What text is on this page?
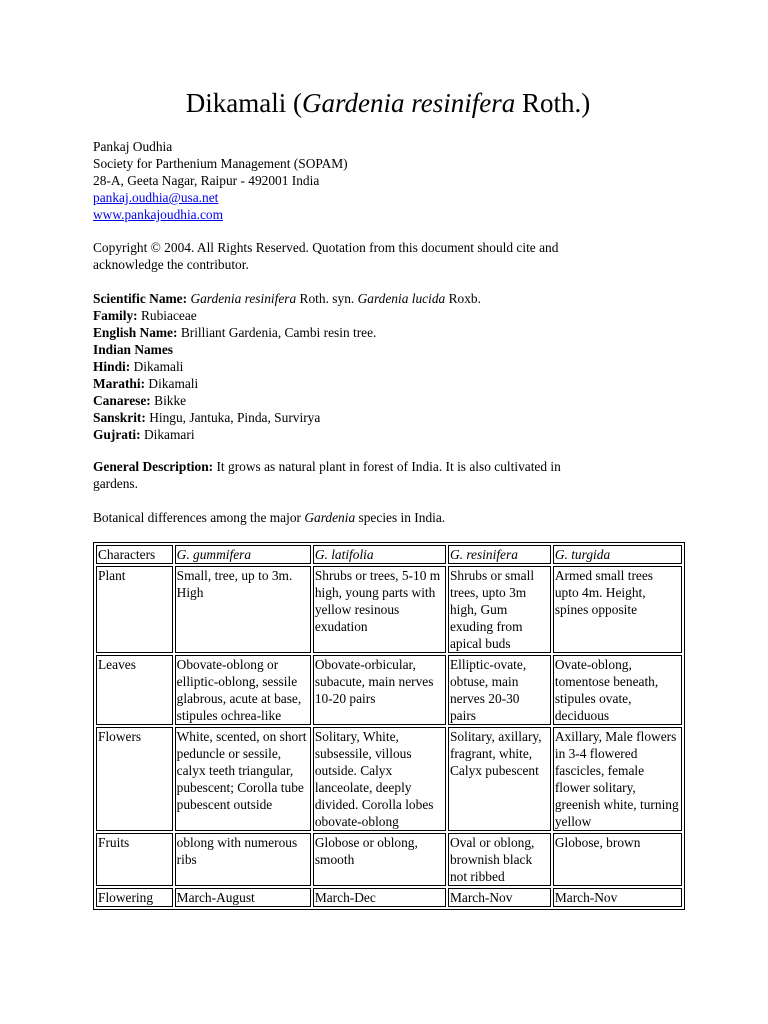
Dikamali (Gardenia resinifera Roth.)
Pankaj Oudhia
Society for Parthenium Management (SOPAM)
28-A, Geeta Nagar, Raipur - 492001 India
pankaj.oudhia@usa.net
www.pankajoudhia.com
Copyright © 2004. All Rights Reserved. Quotation from this document should cite and
acknowledge the contributor.
Scientific Name: Gardenia resinifera Roth. syn. Gardenia lucida Roxb.
Family: Rubiaceae
English Name: Brilliant Gardenia, Cambi resin tree.
Indian Names
Hindi: Dikamali
Marathi: Dikamali
Canarese: Bikke
Sanskrit: Hingu, Jantuka, Pinda, Survirya
Gujrati: Dikamari
General Description: It grows as natural plant in forest of India. It is also cultivated in
gardens.
Botanical differences among the major Gardenia species in India.
Characters	G. gummifera	G. latifolia	G. resinifera	G. turgida
Plant	Small, tree, up to 3m. High	Shrubs or trees, 5-10 m high, young parts with yellow resinous exudation	Shrubs or small trees, upto 3m high, Gum exuding from apical buds	Armed small trees upto 4m. Height, spines opposite
Leaves	Obovate-oblong or elliptic-oblong, sessile glabrous, acute at base, stipules ochrea-like	Obovate-orbicular, subacute, main nerves 10-20 pairs	Elliptic-ovate, obtuse, main nerves 20-30 pairs	Ovate-oblong, tomentose beneath, stipules ovate, deciduous
Flowers	White, scented, on short peduncle or sessile, calyx teeth triangular, pubescent; Corolla tube pubescent outside	Solitary, White, subsessile, villous outside. Calyx lanceolate, deeply divided. Corolla lobes obovate-oblong	Solitary, axillary, fragrant, white, Calyx pubescent	Axillary, Male flowers in 3-4 flowered fascicles, female flower solitary, greenish white, turning yellow
Fruits	oblong with numerous ribs	Globose or oblong, smooth	Oval or oblong, brownish black not ribbed	Globose, brown
Flowering	March-August	March-Dec	March-Nov	March-Nov
